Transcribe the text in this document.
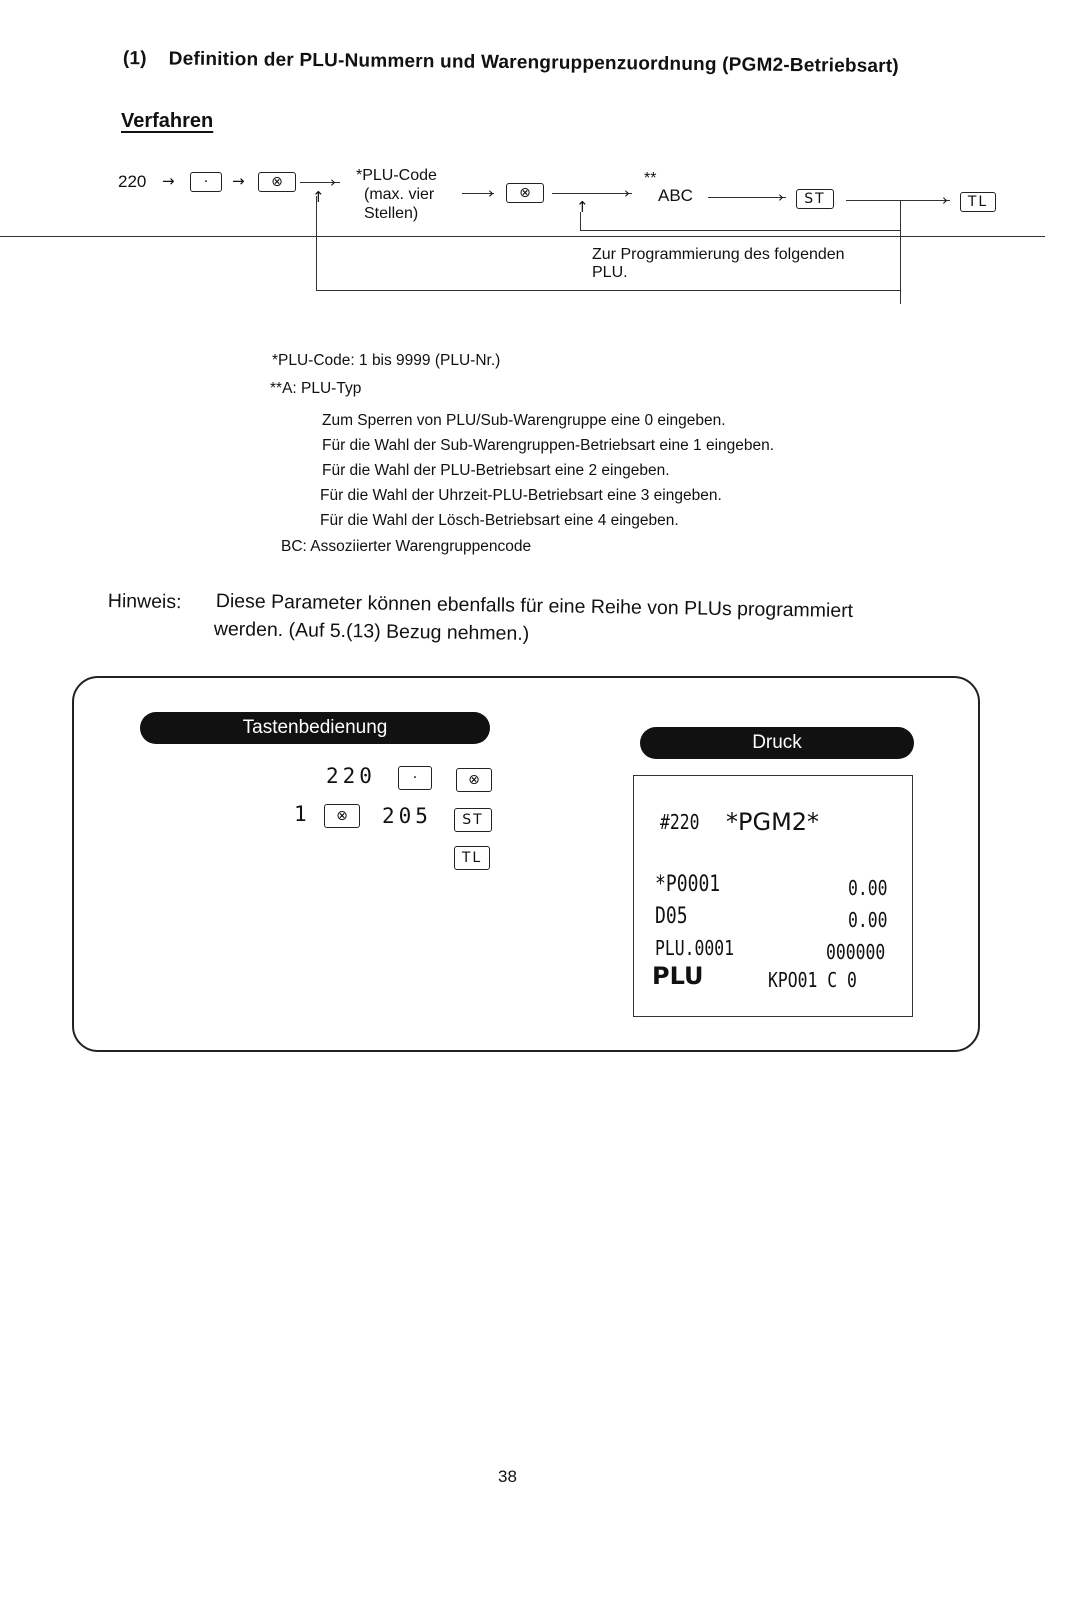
(1) Definition der PLU-Nummern und Warengruppenzuordnung (PGM2-Betriebsart)
Verfahren
220 →	·	→	⊗	›
↑
*PLU-Code
(max. vier
Stellen)
›	⊗	›
↑
**
ABC	›	ST	›	TL
Zur Programmierung des folgenden
PLU.
*PLU-Code: 1 bis 9999 (PLU-Nr.)
**A: PLU-Typ
Zum Sperren von PLU/Sub-Warengruppe eine 0 eingeben.
Für die Wahl der Sub-Warengruppen-Betriebsart eine 1 eingeben.
Für die Wahl der PLU-Betriebsart eine 2 eingeben.
Für die Wahl der Uhrzeit-PLU-Betriebsart eine 3 eingeben.
Für die Wahl der Lösch-Betriebsart eine 4 eingeben.
BC: Assoziierter Warengruppencode
Hinweis: Diese Parameter können ebenfalls für eine Reihe von PLUs programmiert
werden. (Auf 5.(13) Bezug nehmen.)
Tastenbedienung
Druck
220	·	⊗
1	⊗	205	ST
TL
#220 *PGM2*
*P0001	0.00
D05	0.00
PLU.0001	000000
PLU	KPO01 C 0
38
